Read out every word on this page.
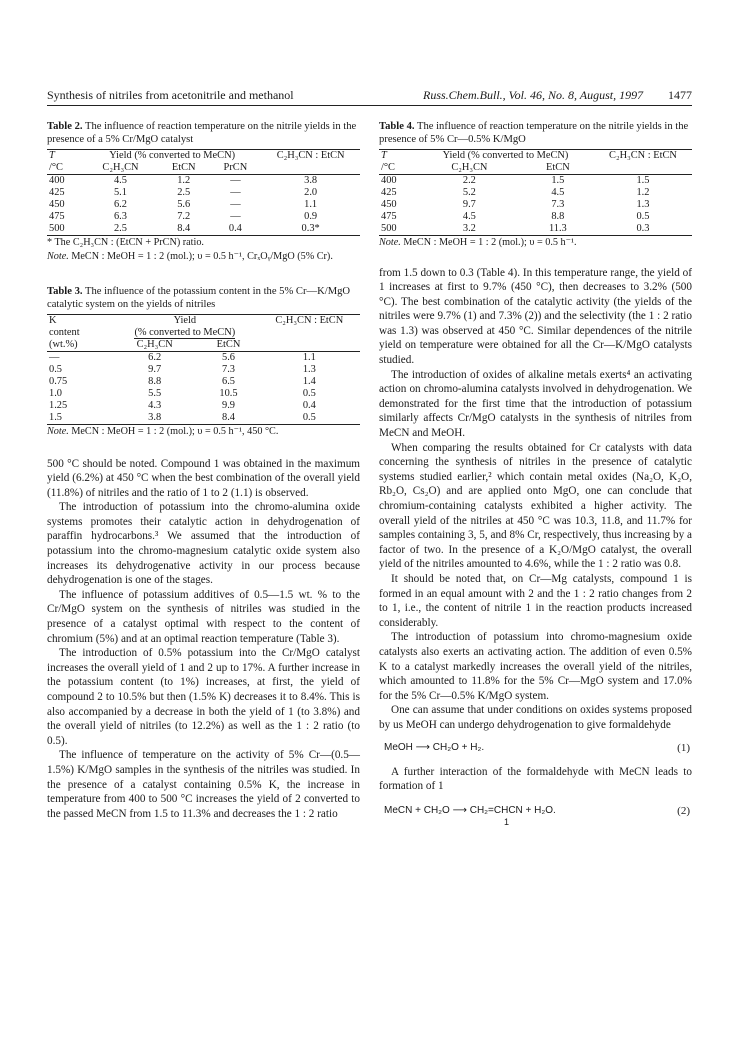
Synthesis of nitriles from acetonitrile and methanol	Russ.Chem.Bull., Vol. 46, No. 8, August, 1997 1477
Table 2. The influence of reaction temperature on the nitrile yields in the presence of a 5% Cr/MgO catalyst
T	Yield (% converted to MeCN)			C₂H₃CN : EtCN
/°C	C₂H₃CN	EtCN	PrCN	
400	4.5	1.2	—	3.8
425	5.1	2.5	—	2.0
450	6.2	5.6	—	1.1
475	6.3	7.2	—	0.9
500	2.5	8.4	0.4	0.3*
* The C₂H₃CN : (EtCN + PrCN) ratio.
Note. MeCN : MeOH = 1 : 2 (mol.); υ = 0.5 h⁻¹, CrₓOᵧ/MgO (5% Cr).
Table 3. The influence of the potassium content in the 5% Cr—K/MgO catalytic system on the yields of nitriles
K	Yield		C₂H₃CN : EtCN
content	(% converted to MeCN)		
(wt.%)	C₂H₃CN	EtCN	
—	6.2	5.6	1.1
0.5	9.7	7.3	1.3
0.75	8.8	6.5	1.4
1.0	5.5	10.5	0.5
1.25	4.3	9.9	0.4
1.5	3.8	8.4	0.5
Note. MeCN : MeOH = 1 : 2 (mol.); υ = 0.5 h⁻¹, 450 °C.

500 °C should be noted. Compound 1 was obtained in the maximum yield (6.2%) at 450 °C when the best combination of the overall yield (11.8%) of nitriles and the ratio of 1 to 2 (1.1) is observed.

The introduction of potassium into the chromo-alumina oxide systems promotes their catalytic action in dehydrogenation of paraffin hydrocarbons.³ We assumed that the introduction of potassium into the chromo-magnesium catalytic oxide system also increases its dehydrogenative activity in our process because dehydrogenation is one of the stages.

The influence of potassium additives of 0.5—1.5 wt. % to the Cr/MgO system on the synthesis of nitriles was studied in the presence of a catalyst optimal with respect to the content of chromium (5%) and at an optimal reaction temperature (Table 3).

The introduction of 0.5% potassium into the Cr/MgO catalyst increases the overall yield of 1 and 2 up to 17%. A further increase in the potassium content (to 1%) increases, at first, the yield of compound 2 to 10.5% but then (1.5% K) decreases it to 8.4%. This is also accompanied by a decrease in both the yield of 1 (to 3.8%) and the overall yield of nitriles (to 12.2%) as well as the 1 : 2 ratio (to 0.5).

The influence of temperature on the activity of 5% Cr—(0.5—1.5%) K/MgO samples in the synthesis of the nitriles was studied. In the presence of a catalyst containing 0.5% K, the increase in temperature from 400 to 500 °C increases the yield of 2 converted to the passed MeCN from 1.5 to 11.3% and decreases the 1 : 2 ratio

Table 4. The influence of reaction temperature on the nitrile yields in the presence of 5% Cr—0.5% K/MgO
T	Yield (% converted to MeCN)		C₂H₃CN : EtCN
/°C	C₂H₃CN	EtCN	
400	2.2	1.5	1.5
425	5.2	4.5	1.2
450	9.7	7.3	1.3
475	4.5	8.8	0.5
500	3.2	11.3	0.3
Note. MeCN : MeOH = 1 : 2 (mol.); υ = 0.5 h⁻¹.

from 1.5 down to 0.3 (Table 4). In this temperature range, the yield of 1 increases at first to 9.7% (450 °C), then decreases to 3.2% (500 °C). The best combination of the catalytic activity (the yields of the nitriles were 9.7% (1) and 7.3% (2)) and the selectivity (the 1 : 2 ratio was 1.3) was observed at 450 °C. Similar dependences of the nitrile yield on temperature were obtained for all the Cr—K/MgO catalysts studied.

The introduction of oxides of alkaline metals exerts⁴ an activating action on chromo-alumina catalysts involved in dehydrogenation. We demonstrated for the first time that the introduction of potassium similarly affects Cr/MgO catalysts in the synthesis of nitriles from MeCN and MeOH.

When comparing the results obtained for Cr catalysts with data concerning the synthesis of nitriles in the presence of catalytic systems studied earlier,² which contain metal oxides (Na₂O, K₂O, Rb₂O, Cs₂O) and are applied onto MgO, one can conclude that chromium-containing catalysts exhibited a higher activity. The overall yield of the nitriles at 450 °C was 10.3, 11.8, and 11.7% for samples containing 3, 5, and 8% Cr, respectively, thus increasing by a factor of two. In the presence of a K₂O/MgO catalyst, the overall yield of the nitriles amounted to 4.6%, while the 1 : 2 ratio was 0.8.

It should be noted that, on Cr—Mg catalysts, compound 1 is formed in an equal amount with 2 and the 1 : 2 ratio changes from 2 to 1, i.e., the content of nitrile 1 in the reaction products increased considerably.

The introduction of potassium into chromo-magnesium oxide catalysts also exerts an activating action. The addition of even 0.5% K to a catalyst markedly increases the overall yield of the nitriles, which amounted to 11.8% for the 5% Cr—MgO system and 17.0% for the 5% Cr—0.5% K/MgO system.

One can assume that under conditions on oxides systems proposed by us MeOH can undergo dehydrogenation to give formaldehyde

MeOH ⟶ CH₂O + H₂.	(1)

A further interaction of the formaldehyde with MeCN leads to formation of 1

MeCN + CH₂O ⟶ CH₂=CHCN + H₂O.	(2)
1
